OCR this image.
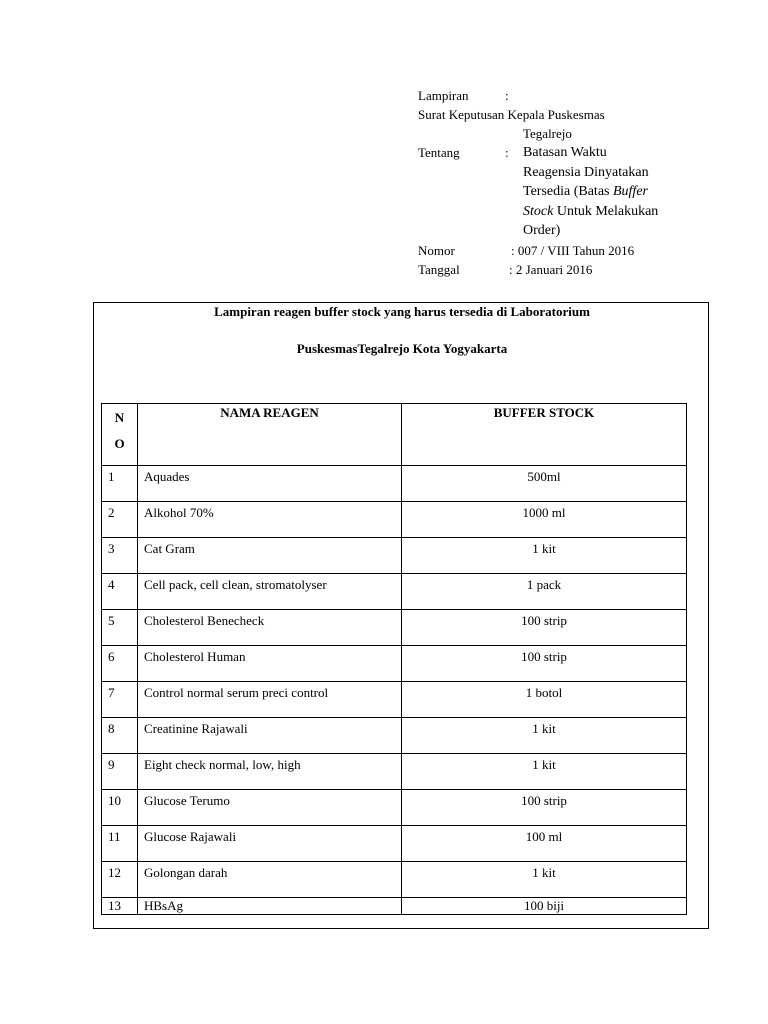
Lampiran	:
Surat Keputusan Kepala Puskesmas
Tegalrejo
Tentang	: Batasan Waktu
Reagensia Dinyatakan
Tersedia (Batas Buffer
Stock Untuk Melakukan
Order)
Nomor	: 007 / VIII Tahun 2016
Tanggal	: 2 Januari 2016
Lampiran reagen buffer stock yang harus tersedia di Laboratorium
PuskesmasTegalrejo Kota Yogyakarta
N
O	NAMA REAGEN	BUFFER STOCK
1	Aquades	500ml
2	Alkohol 70%	1000 ml
3	Cat Gram	1 kit
4	Cell pack, cell clean, stromatolyser	1 pack
5	Cholesterol Benecheck	100 strip
6	Cholesterol Human	100 strip
7	Control normal serum preci control	1 botol
8	Creatinine Rajawali	1 kit
9	Eight check normal, low, high	1 kit
10	Glucose Terumo	100 strip
11	Glucose Rajawali	100 ml
12	Golongan darah	1 kit
13	HBsAg	100 biji
